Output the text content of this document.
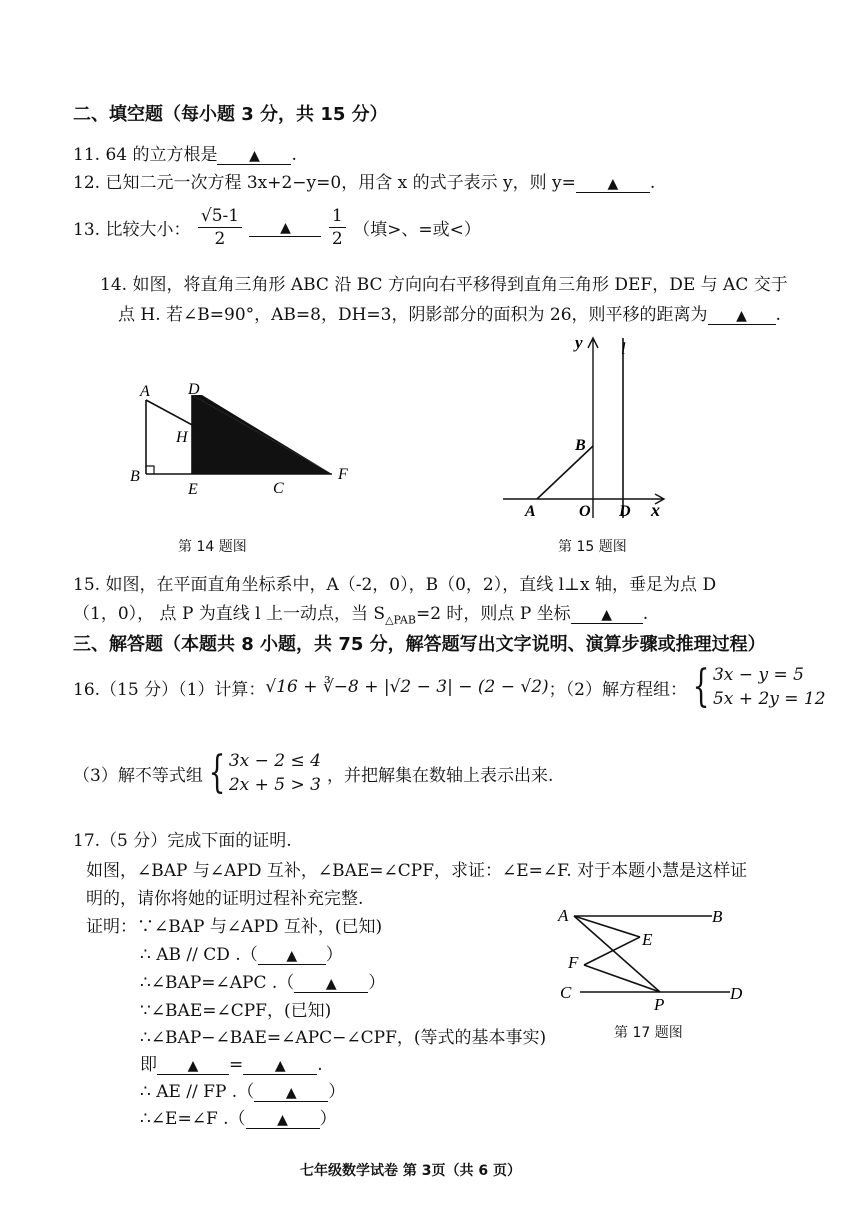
二、填空题（每小题 3 分，共 15 分）
11. 64 的立方根是 ▲ .
12. 已知二元一次方程 3x+2−y=0，用含 x 的式子表示 y，则 y= ▲ .
13. 比较大小： $\frac{√5-1}{2}$	▲ $\frac{1}{2}$ （填>、=或<）
14. 如图，将直角三角形 ABC 沿 BC 方向向右平移得到直角三角形 DEF，DE 与 AC 交于
点 H. 若∠B=90°，AB=8，DH=3，阴影部分的面积为 26，则平移的距离为 ▲ .
A D
H
B
E	C
F
第 14 题图
y l
B
A	O D x
第 15 题图
15. 如图，在平面直角坐标系中，A（-2，0），B（0，2），直线 l⊥x 轴，垂足为点 D
（1，0）， 点 P 为直线 l 上一动点，当 $S_{\triangle PAB}=2$ 时，则点 P 坐标 ▲ .
三、解答题（本题共 8 小题，共 75 分，解答题写出文字说明、演算步骤或推理过程）
16.（15 分）（1）计算： √16 + ∛−8 + |√2 − 3| − (2 − √2) ；（2）解方程组： { 3x − y = 5
5x + 2y = 12
（3）解不等式组 { 3x − 2 ≤ 4
2x + 5 > 3 ，并把解集在数轴上表示出来.
17.（5 分）完成下面的证明.
如图，∠BAP 与∠APD 互补，∠BAE=∠CPF，求证：∠E=∠F. 对于本题小慧是这样证
明的，请你将她的证明过程补充完整.
证明：∵∠BAP 与∠APD 互补，(已知)
∴ AB // CD .（ ▲ ）
∴∠BAP=∠APC .（ ▲ ）
∵∠BAE=∠CPF，(已知)
∴∠BAP−∠BAE=∠APC−∠CPF，(等式的基本事实)
即 ▲ = ▲ .
∴ AE // FP .（ ▲ ）
∴∠E=∠F .（ ▲ ）
A	B
E
F
C
P
D
第 17 题图
七年级数学试卷 第 3页（共 6 页）
